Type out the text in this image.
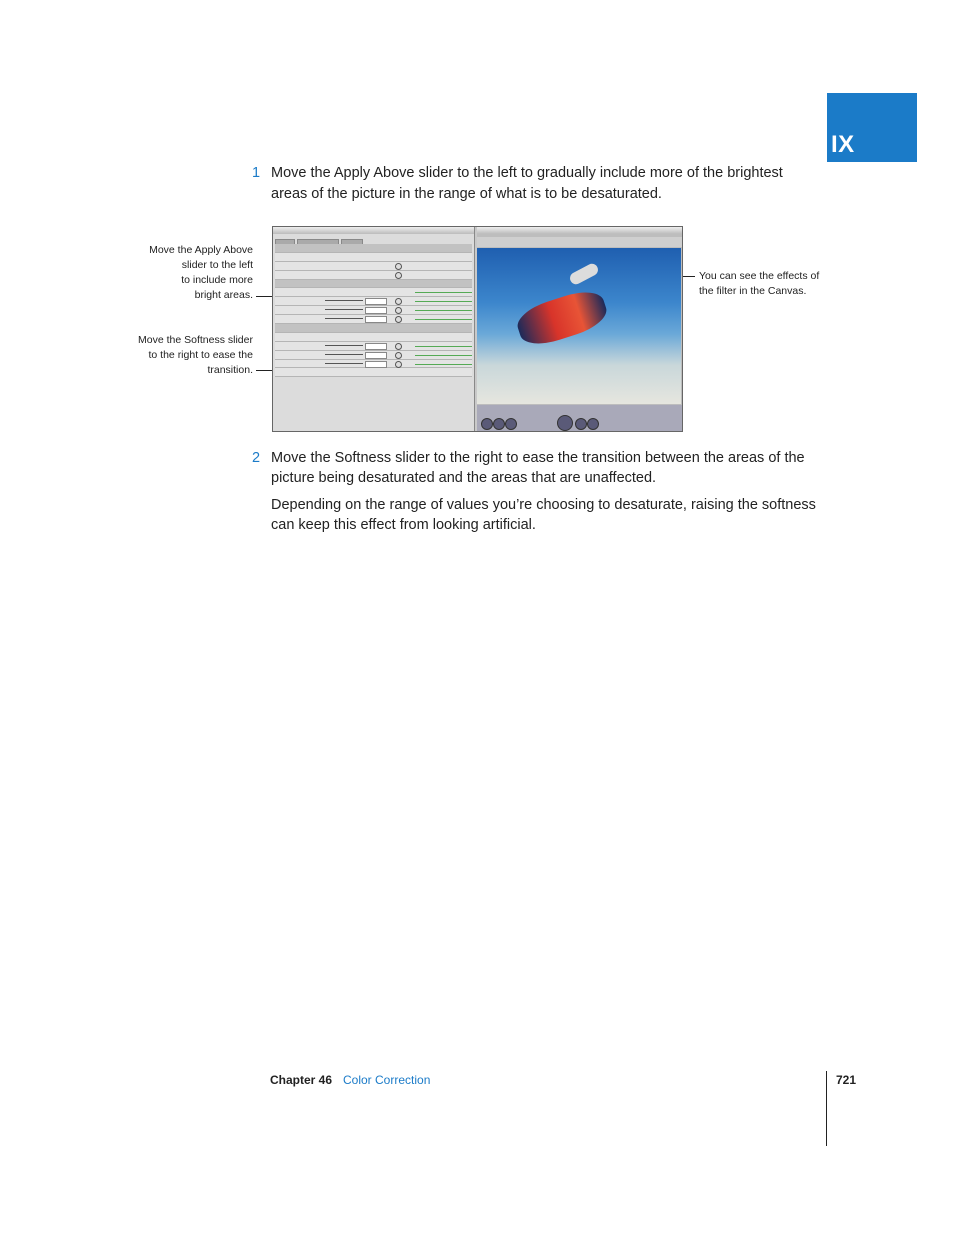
IX
1 Move the Apply Above slider to the left to gradually include more of the brightest
areas of the picture in the range of what is to be desaturated.
Move the Apply Above
slider to the left
to include more
bright areas.
Move the Softness slider
to the right to ease the
transition.
You can see the effects of
the filter in the Canvas.
2 Move the Softness slider to the right to ease the transition between the areas of the
picture being desaturated and the areas that are unaffected.
Depending on the range of values you’re choosing to desaturate, raising the softness
can keep this effect from looking artificial.
Chapter 46 Color Correction	721
